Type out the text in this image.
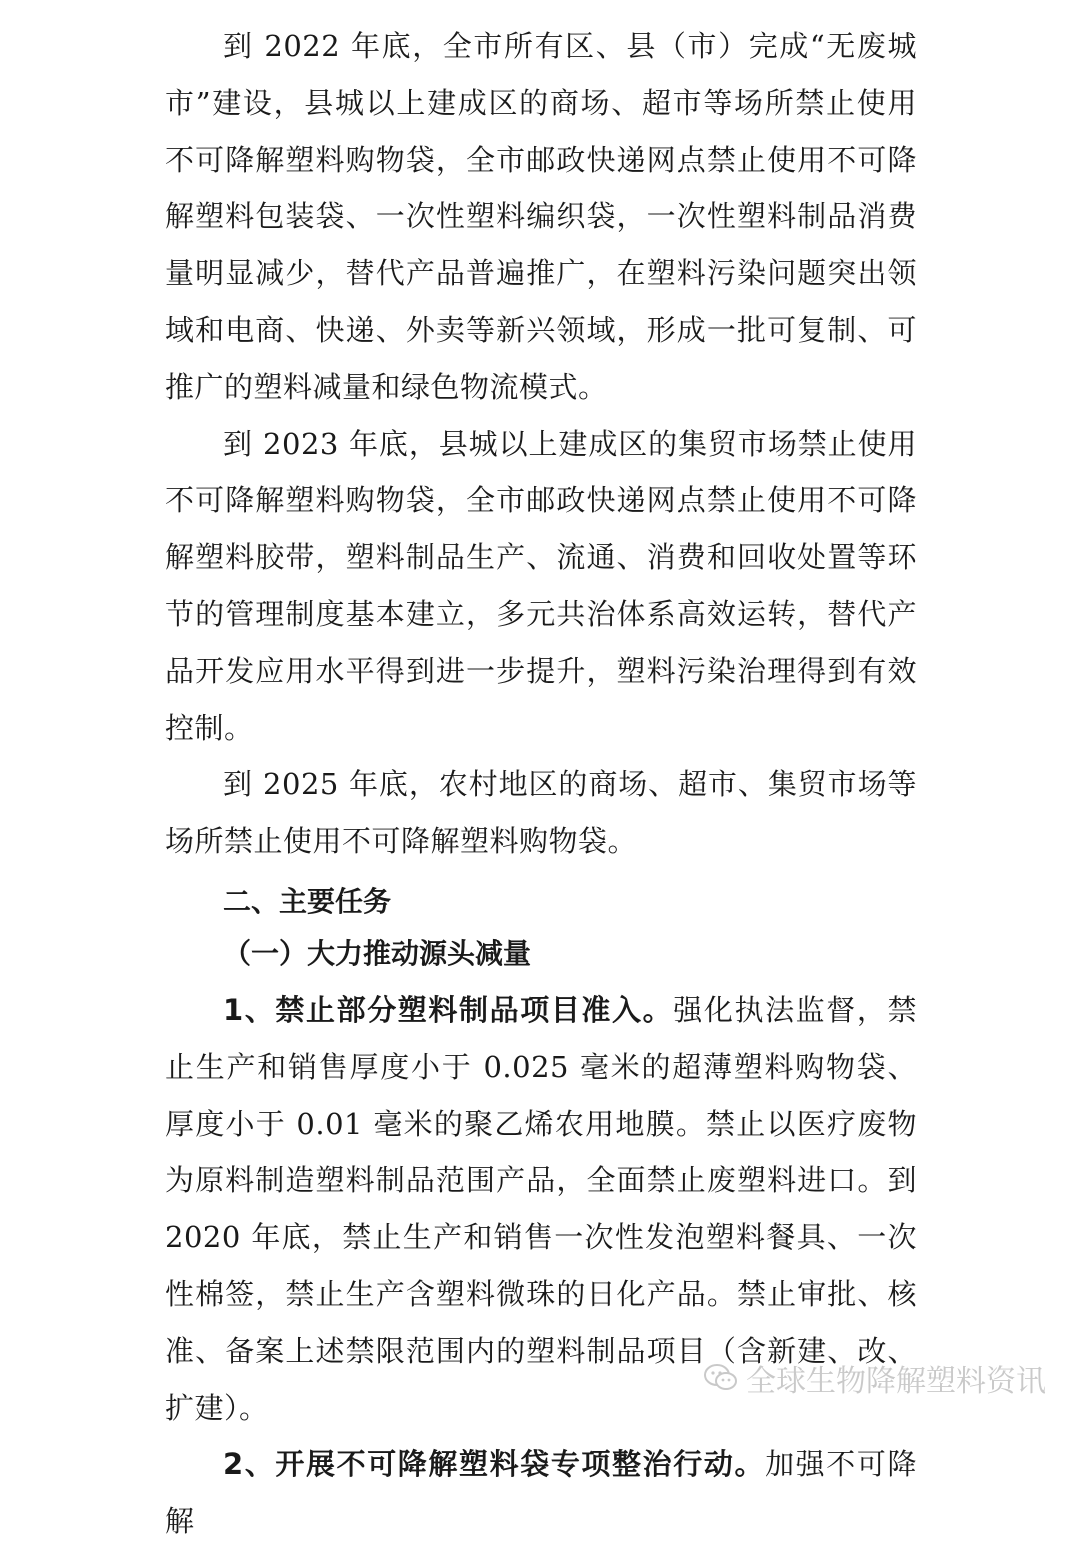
到 2022 年底，全市所有区、县（市）完成“无废城市”建设，县城以上建成区的商场、超市等场所禁止使用不可降解塑料购物袋，全市邮政快递网点禁止使用不可降解塑料包装袋、一次性塑料编织袋，一次性塑料制品消费量明显减少，替代产品普遍推广，在塑料污染问题突出领域和电商、快递、外卖等新兴领域，形成一批可复制、可推广的塑料减量和绿色物流模式。

到 2023 年底，县城以上建成区的集贸市场禁止使用不可降解塑料购物袋，全市邮政快递网点禁止使用不可降解塑料胶带，塑料制品生产、流通、消费和回收处置等环节的管理制度基本建立，多元共治体系高效运转，替代产品开发应用水平得到进一步提升，塑料污染治理得到有效控制。

到 2025 年底，农村地区的商场、超市、集贸市场等场所禁止使用不可降解塑料购物袋。

二、主要任务

（一）大力推动源头减量

1、禁止部分塑料制品项目准入。强化执法监督，禁止生产和销售厚度小于 0.025 毫米的超薄塑料购物袋、厚度小于 0.01 毫米的聚乙烯农用地膜。禁止以医疗废物为原料制造塑料制品范围产品，全面禁止废塑料进口。到 2020 年底，禁止生产和销售一次性发泡塑料餐具、一次性棉签，禁止生产含塑料微珠的日化产品。禁止审批、核准、备案上述禁限范围内的塑料制品项目（含新建、改、扩建）。

2、开展不可降解塑料袋专项整治行动。加强不可降解

全球生物降解塑料资讯
